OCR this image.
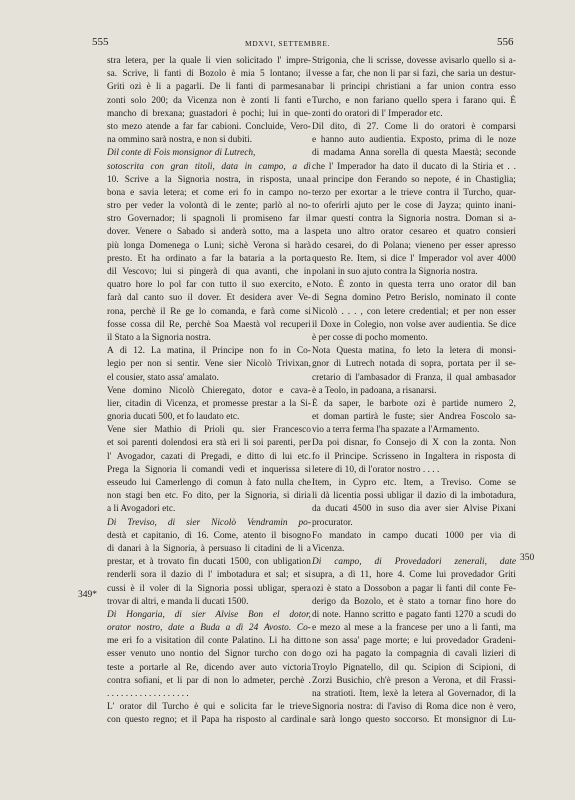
555	MDXVI, SETTEMBRE.	556
stra letera, per la quale li vien solicitado l' impre-
sa. Scrive, li fanti di Bozolo è mia 5 lontano; il
Griti ozi è li a pagarli. De li fanti di parmesana
zonti solo 200; da Vicenza non è zonti li fanti e
mancho di brexana; guastadori è pochi; lui in que-
sto mezo atende a far far cabioni. Concluide, Vero-
na ommino sarà nostra, e non si dubiti.
Dil conte di Fois monsignor di Lutrech,
sotoscrita con gran titoli, data in campo, a dì
10. Scrive a la Signoria nostra, in risposta, una
bona e savia letera; et come eri fo in campo no-
stro per veder la volontà di le zente; parlò al no-
stro Governador; li spagnoli li promiseno far il
dover. Venere o Sabado si anderà sotto, ma a la
più longa Domenega o Luni; sichè Verona si harà
presto. Et ha ordinato a far la bataria a la porta
dil Vescovo; lui si pingerà di qua avanti, che in
quatro hore lo pol far con tutto il suo exercito, e
farà dal canto suo il dover. Et desidera aver Ve-
rona, perchè il Re ge lo comanda, e farà come si
fosse cossa dil Re, perchè Soa Maestà vol recuperi
il Stato a la Signoria nostra.
A dì 12. La matina, il Principe non fo in Co-
legio per non si sentir. Vene sier Nicolò Trivixan,
el cousier, stato assa' amalato.
Vene domino Nicolò Chieregato, dotor e cava-
lier, citadin di Vicenza, et promesse prestar a la Si-
gnoria ducati 500, et fo laudato etc.
Vene sier Mathio di Prioli qu. sier Francesco
et soi parenti dolendosi era stà eri li soi parenti, per
l' Avogador, cazati di Pregadi, e ditto di lui etc.
Prega la Signoria li comandi vedi et inquerissa si
esseudo lui Camerlengo di comun à fato nulla che
non stagi ben etc. Fo dito, per la Signoria, si diria
a li Avogadori etc.
Di Treviso, di sier Nicolò Vendramin po-
destà et capitanio, dì 16. Come, atento il bisogno
di danari à la Signoria, à persuaso li citadini de li a
prestar, et à trovato fin ducati 1500, con ubligation
renderli sora il dazio di l' imbotadura et sal; et si
cussi è il voler di la Signoria possi ubligar, spera
trovar di altri, e manda li ducati 1500.
Di Hongaria, di sier Alvise Bon el dotor,
orator nostro, date a Buda a dì 24 Avosto. Co-
me eri fo a visitation dil conte Palatino. Li ha ditto
esser venuto uno nontio del Signor turcho con do
teste a portarle al Re, dicendo aver auto victoria
contra sofiani, et li par di non lo admeter, perchè .
. . . . . . . . . . . . . . . . . .
L' orator dil Turcho è qui e solicita far le trieve
con questo regno; et il Papa ha risposto al cardinal
Strigonia, che li scrisse, dovesse avisarlo quello si a-
vesse a far, che non li par si fazi, che saria un destur-
bar li principi christiani a far union contra esso
Turcho, e non fariano quello spera i farano qui. È
zonti do oratori di l' Imperador etc.
Dil dito, dì 27. Come li do oratori è comparsi
e hanno auto audientia. Exposto, prima di le noze
di madama Anna sorella di questa Maestà; seconde
che l' Imperador ha dato il ducato di la Stiria et . .
al principe don Ferando so nepote, é in Chastiglia;
terzo per exortar a le trieve contra il Turcho, quar-
to oferirli ajuto per le cose di Jayza; quinto inani-
mar questi contra la Signoria nostra. Doman si a-
speta uno altro orator cesareo et quatro consieri
do cesarei, do di Polana; vieneno per esser apresso
questo Re. Item, si dice l' Imperador vol aver 4000
polani in suo ajuto contra la Signoria nostra.
Noto. È zonto in questa terra uno orator dil ban
di Segna domino Petro Berislo, nominato il conte
Nicolò . . . , con letere credential; et per non esser
il Doxe in Colegio, non volse aver audientia. Se dice
è per cosse di pocho momento.
Nota Questa matina, fo leto la letera di monsi-
gnor di Lutrech notada di sopra, portata per il se-
cretario di l'ambasador di Franza, il qual ambasador
è a Teolo, in padoana, a risanarsi.
È da saper, le barbote ozi è partide numero 2,
et doman partirà le fuste; sier Andrea Foscolo sa-
vio a terra ferma l'ha spazate a l'Armamento.
Da poi disnar, fo Consejo di X con la zonta. Non
fo il Principe. Scrisseno in Ingaltera in risposta di
letere di 10, di l'orator nostro . . . .
Item, in Cypro etc. Item, a Treviso. Come se
li dà licentia possi ubligar il dazio di la imbotadura,
da ducati 4500 in suso dia aver sier Alvise Pixani
procurator.
Fo mandato in campo ducati 1000 per via di
Vicenza.
Di campo, di Provedadori zenerali, date
supra, a dì 11, hore 4. Come lui provedador Griti
ozi è stato a Dossobon a pagar li fanti dil conte Fe-
derigo da Bozolo, et è stato a tornar fino hore do
di note. Hanno scritto e pagato fanti 1270 a scudi do
e mezo al mese a la francese per uno a li fanti, ma
ne son assa' page morte; e lui provedador Gradeni-
go ozi ha pagato la compagnia di cavali lizieri di
Troylo Pignatello, dil qu. Scipion di Scipioni, di
Zorzi Busichio, ch'è preson a Verona, et dil Frassi-
na stratioti. Item, lexè la letera al Governador, di la
Signoria nostra: di l'aviso di Roma dice non è vero,
e sarà longo questo soccorso. Et monsignor di Lu-
349*
350
